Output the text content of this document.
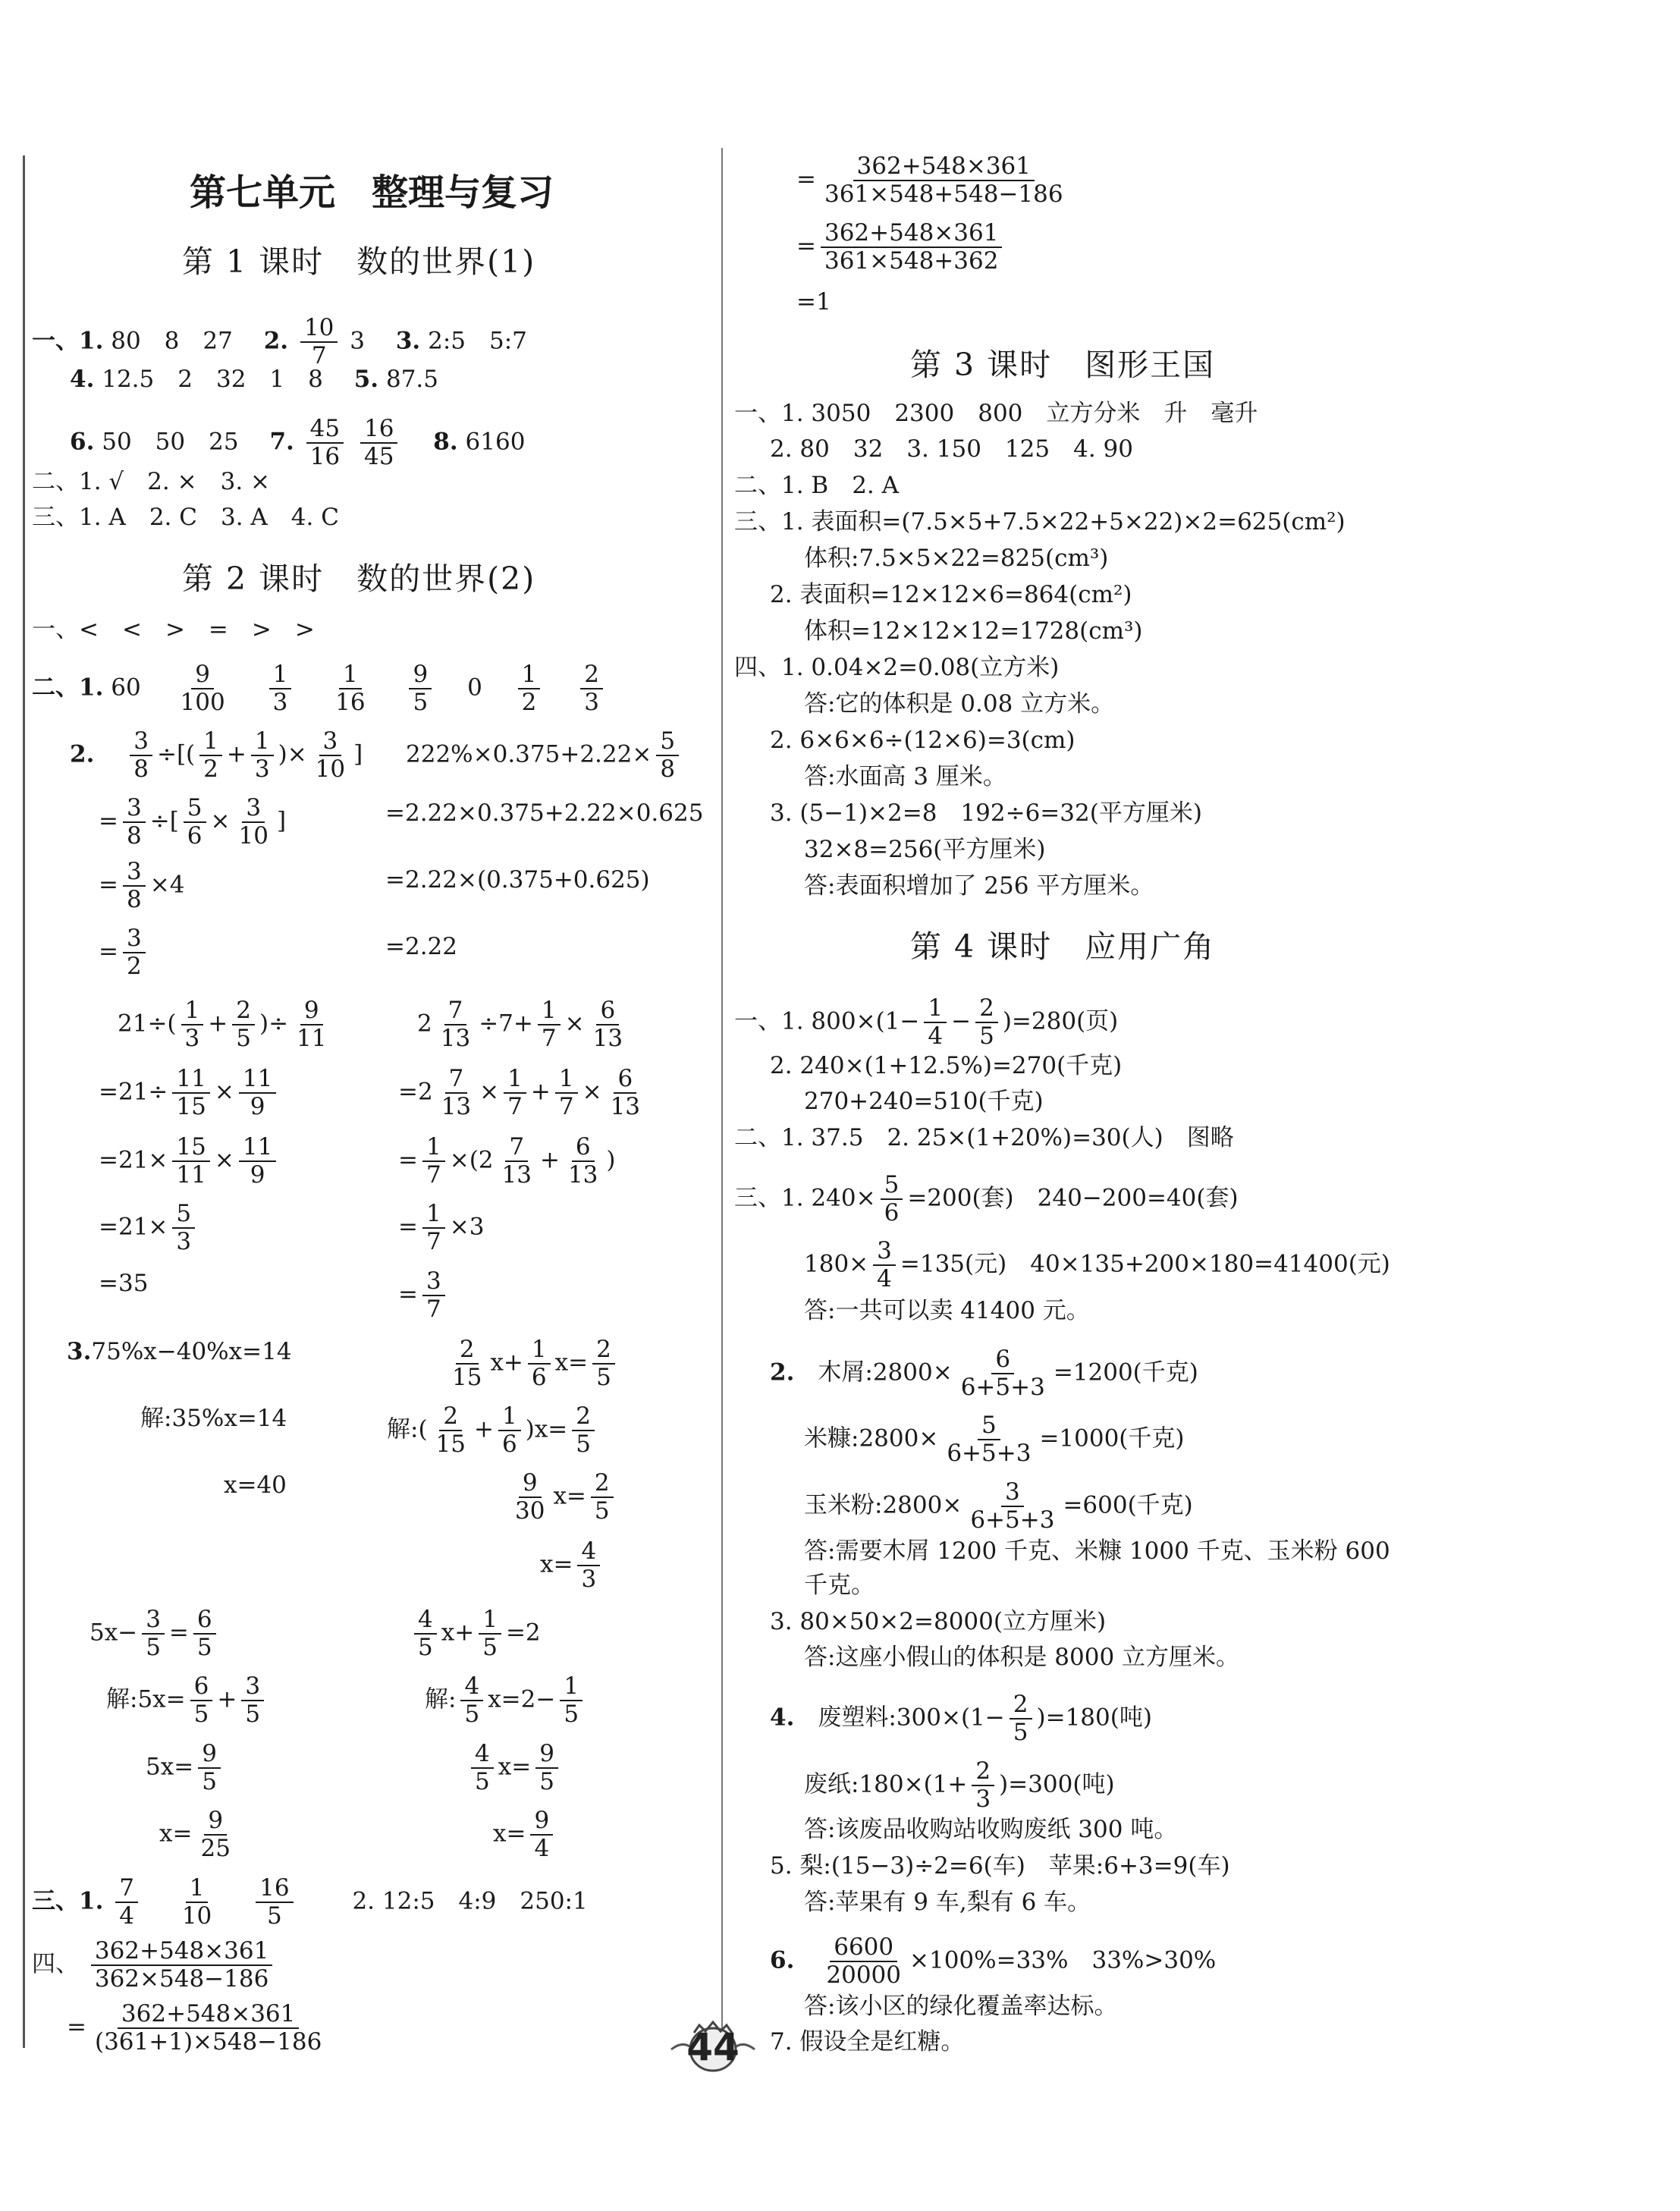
第七单元　整理与复习
第 1 课时　数的世界(1)
一、1. 80　8　27 　 2. $\frac{10}{7} 3$ 　 3. 2:5　5:7
4. 12.5　2　32　1　8 　 5. 87.5
6. 50　50　25 　 7. $\frac{45}{16}$
$\frac{16}{45}$
　 8. 6160
二、1. √　2. ×　3. ×
三、1. A　2. C　3. A　4. C
第 2 课时　数的世界(2)
一、<　<　>　=　>　>
二、1. 60 　 $\frac{9}{100}$
　 $\frac{1}{3}$
　 $\frac{1}{16}$
　 $\frac{9}{5}$
　 0 　 $\frac{1}{2}$
　 $\frac{2}{3}$
2.　 $\frac{3}{8}$ ÷[( $\frac{1}{2} + \frac{1}{3}$ )× $\frac{3}{10}$ ]
= $\frac{3}{8}$ ÷[ $\frac{5}{6} \times \frac{3}{10}$ ]
= $\frac{3}{8} \times 4$
= $\frac{3}{2}$
$222\%\times 0.375+2.22\times \frac{5}{8}$
=2.22×0.375+2.22×0.625
=2.22×(0.375+0.625)
=2.22
$21\div( \frac{1}{3} + \frac{2}{5}$ )÷ $\frac{9}{11}$
$=21\div \frac{11}{15} \times \frac{11}{9}$
$=21\times \frac{15}{11} \times \frac{11}{9}$
$=21\times \frac{5}{3}$
=35
$2 \frac{7}{13} \div 7+ \frac{1}{7} \times \frac{6}{13}$
$=2 \frac{7}{13} \times \frac{1}{7} + \frac{1}{7} \times \frac{6}{13}$
= $\frac{1}{7} \times(2 \frac{7}{13} + \frac{6}{13}$ )
= $\frac{1}{7} \times 3$
= $\frac{3}{7}$
3.75%x−40%x=14
解:35%x=14
x=40
$\frac{2}{15} x+ \frac{1}{6} x= \frac{2}{5}$
解:( $\frac{2}{15} + \frac{1}{6} )x= \frac{2}{5}$
$\frac{9}{30} x= \frac{2}{5}$
$x= \frac{4}{3}$
$5x- \frac{3}{5} = \frac{6}{5}$
解:5x= $\frac{6}{5} + \frac{3}{5}$
$5x= \frac{9}{5}$
$x= \frac{9}{25}$
$\frac{4}{5} x+ \frac{1}{5} =2$
解: $\frac{4}{5} x=2- \frac{1}{5}$
$\frac{4}{5} x= \frac{9}{5}$
$x= \frac{9}{4}$
三、1. $\frac{7}{4}$
　 $\frac{1}{10}$
　 $\frac{16}{5}$
　　	2. 12:5　4:9　250:1
四、 $\frac{362+548\times 361}{362\times 548-186}$
= $\frac{362+548\times 361}{(361+1)\times 548-186}$
= $\frac{362+548\times 361}{361\times 548+548-186}$
= $\frac{362+548\times 361}{361\times 548+362}$
=1
第 3 课时　图形王国
一、1. 3050　2300　800　立方分米　升　毫升
2. 80　32　3. 150　125　4. 90
二、1. B　2. A
三、1. 表面积=(7.5×5+7.5×22+5×22)×2=625(cm²)
体积:7.5×5×22=825(cm³)
2. 表面积=12×12×6=864(cm²)
体积=12×12×12=1728(cm³)
四、1. 0.04×2=0.08(立方米)
答:它的体积是 0.08 立方米。
2. 6×6×6÷(12×6)=3(cm)
答:水面高 3 厘米。
3. (5−1)×2=8　192÷6=32(平方厘米)
32×8=256(平方厘米)
答:表面积增加了 256 平方厘米。
第 4 课时　应用广角
一、1. $800\times(1- \frac{1}{4} - \frac{2}{5} )=280$(页)
2. 240×(1+12.5%)=270(千克)
270+240=510(千克)
二、1. 37.5　2. 25×(1+20%)=30(人)　图略
三、1. $240\times \frac{5}{6} =200$(套)　240−200=40(套)
$180\times \frac{3}{4} =135$(元)　40×135+200×180=41400(元)
答:一共可以卖 41400 元。
2.　 木屑:2800× $\frac{6}{6+5+3} =1200$(千克)
米糠:2800× $\frac{5}{6+5+3} =1000$(千克)
玉米粉:2800× $\frac{3}{6+5+3} =600$(千克)
答:需要木屑 1200 千克、米糠 1000 千克、玉米粉 600
千克。
3. 80×50×2=8000(立方厘米)
答:这座小假山的体积是 8000 立方厘米。
4.　 废塑料:300×(1− $\frac{2}{5} )=180$(吨)
废纸:180×(1+ $\frac{2}{3} )=300$(吨)
答:该废品收购站收购废纸 300 吨。
5. 梨:(15−3)÷2=6(车)　苹果:6+3=9(车)
答:苹果有 9 车,梨有 6 车。
6.　 $\frac{6600}{20000} \times 100\%=33\%$　33%>30%
答:该小区的绿化覆盖率达标。
7. 假设全是红糖。
44
